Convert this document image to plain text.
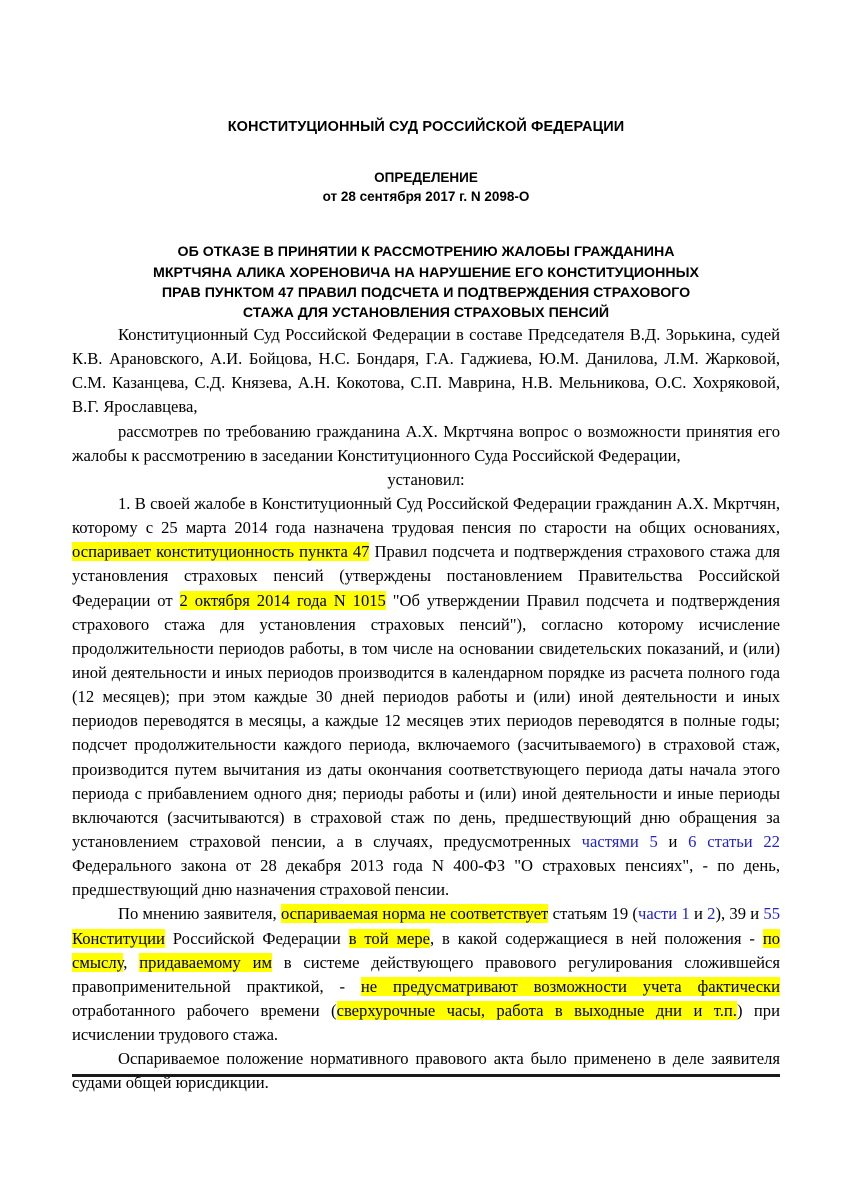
КОНСТИТУЦИОННЫЙ СУД РОССИЙСКОЙ ФЕДЕРАЦИИ
ОПРЕДЕЛЕНИЕ
от 28 сентября 2017 г. N 2098-О
ОБ ОТКАЗЕ В ПРИНЯТИИ К РАССМОТРЕНИЮ ЖАЛОБЫ ГРАЖДАНИНА
МКРТЧЯНА АЛИКА ХОРЕНОВИЧА НА НАРУШЕНИЕ ЕГО КОНСТИТУЦИОННЫХ
ПРАВ ПУНКТОМ 47 ПРАВИЛ ПОДСЧЕТА И ПОДТВЕРЖДЕНИЯ СТРАХОВОГО
СТАЖА ДЛЯ УСТАНОВЛЕНИЯ СТРАХОВЫХ ПЕНСИЙ

Конституционный Суд Российской Федерации в составе Председателя В.Д. Зорькина, судей К.В. Арановского, А.И. Бойцова, Н.С. Бондаря, Г.А. Гаджиева, Ю.М. Данилова, Л.М. Жарковой, С.М. Казанцева, С.Д. Князева, А.Н. Кокотова, С.П. Маврина, Н.В. Мельникова, О.С. Хохряковой, В.Г. Ярославцева,

рассмотрев по требованию гражданина А.Х. Мкртчяна вопрос о возможности принятия его жалобы к рассмотрению в заседании Конституционного Суда Российской Федерации,

установил:

1. В своей жалобе в Конституционный Суд Российской Федерации гражданин А.Х. Мкртчян, которому с 25 марта 2014 года назначена трудовая пенсия по старости на общих основаниях, оспаривает конституционность пункта 47 Правил подсчета и подтверждения страхового стажа для установления страховых пенсий (утверждены постановлением Правительства Российской Федерации от 2 октября 2014 года N 1015 "Об утверждении Правил подсчета и подтверждения страхового стажа для установления страховых пенсий"), согласно которому исчисление продолжительности периодов работы, в том числе на основании свидетельских показаний, и (или) иной деятельности и иных периодов производится в календарном порядке из расчета полного года (12 месяцев); при этом каждые 30 дней периодов работы и (или) иной деятельности и иных периодов переводятся в месяцы, а каждые 12 месяцев этих периодов переводятся в полные годы; подсчет продолжительности каждого периода, включаемого (засчитываемого) в страховой стаж, производится путем вычитания из даты окончания соответствующего периода даты начала этого периода с прибавлением одного дня; периоды работы и (или) иной деятельности и иные периоды включаются (засчитываются) в страховой стаж по день, предшествующий дню обращения за установлением страховой пенсии, а в случаях, предусмотренных частями 5 и 6 статьи 22 Федерального закона от 28 декабря 2013 года N 400-ФЗ "О страховых пенсиях", - по день, предшествующий дню назначения страховой пенсии.

По мнению заявителя, оспариваемая норма не соответствует статьям 19 (части 1 и 2), 39 и 55 Конституции Российской Федерации в той мере, в какой содержащиеся в ней положения - по смыслу, придаваемому им в системе действующего правового регулирования сложившейся правоприменительной практикой, - не предусматривают возможности учета фактически отработанного рабочего времени (сверхурочные часы, работа в выходные дни и т.п.) при исчислении трудового стажа.

Оспариваемое положение нормативного правового акта было применено в деле заявителя судами общей юрисдикции.
